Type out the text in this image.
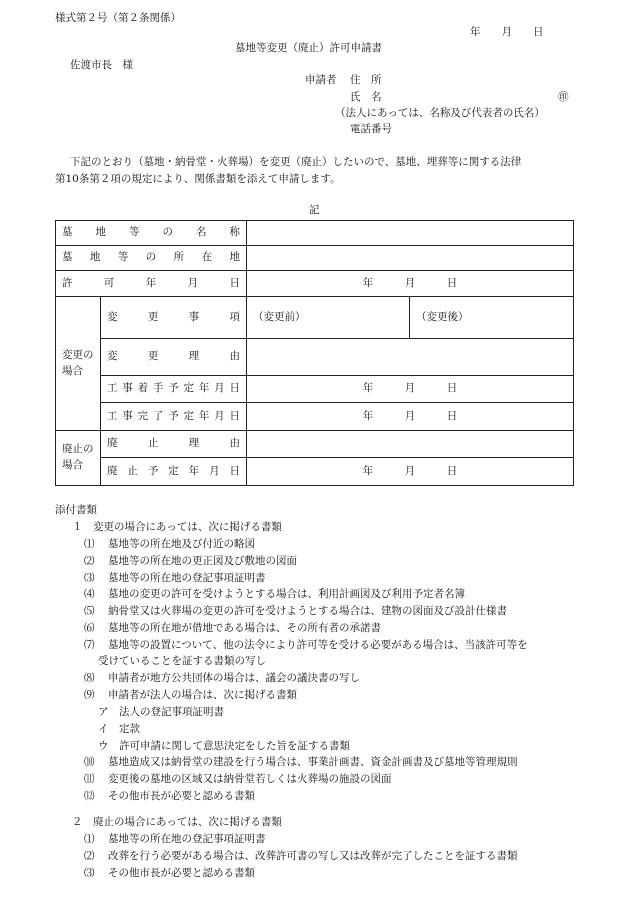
様式第２号（第２条関係）
年　　月　　日
墓地等変更（廃止）許可申請書
佐渡市長　様
申請者 住　所
氏　名	㊞
（法人にあっては、名称及び代表者の氏名）
電話番号
下記のとおり（墓地・納骨堂・火葬場）を変更（廃止）したいので、墓地、埋葬等に関する法律
第10条第２項の規定により、関係書類を添えて申請します。
記
墓地等の名称			
墓地等の所在地			
許可年月日		年　　　月　　　日	

変更の場合	変更事項	（変更前）	（変更後）
	変更理由		
	工事着手予定年月日	年　　　月　　　日	
	工事完了予定年月日	年　　　月　　　日	

廃止の場合	廃止理由		
	廃止予定年月日	年　　　月　　　日	
添付書類
１　変更の場合にあっては、次に掲げる書類
⑴ 墓地等の所在地及び付近の略図
⑵ 墓地等の所在地の更正図及び敷地の図面
⑶ 墓地等の所在地の登記事項証明書
⑷ 墓地の変更の許可を受けようとする場合は、利用計画図及び利用予定者名簿
⑸ 納骨堂又は火葬場の変更の許可を受けようとする場合は、建物の図面及び設計仕様書
⑹ 墓地等の所在地が借地である場合は、その所有者の承諾書
⑺ 墓地等の設置について、他の法令により許可等を受ける必要がある場合は、当該許可等を
受けていることを証する書類の写し
⑻ 申請者が地方公共団体の場合は、議会の議決書の写し
⑼ 申請者が法人の場合は、次に掲げる書類
ア 法人の登記事項証明書
イ 定款
ウ 許可申請に関して意思決定をした旨を証する書類
⑽ 墓地造成又は納骨堂の建設を行う場合は、事業計画書、資金計画書及び墓地等管理規則
⑾ 変更後の墓地の区域又は納骨堂若しくは火葬場の施設の図面
⑿ その他市長が必要と認める書類
２　廃止の場合にあっては、次に掲げる書類
⑴ 墓地等の所在地の登記事項証明書
⑵ 改葬を行う必要がある場合は、改葬許可書の写し又は改葬が完了したことを証する書類
⑶ その他市長が必要と認める書類
